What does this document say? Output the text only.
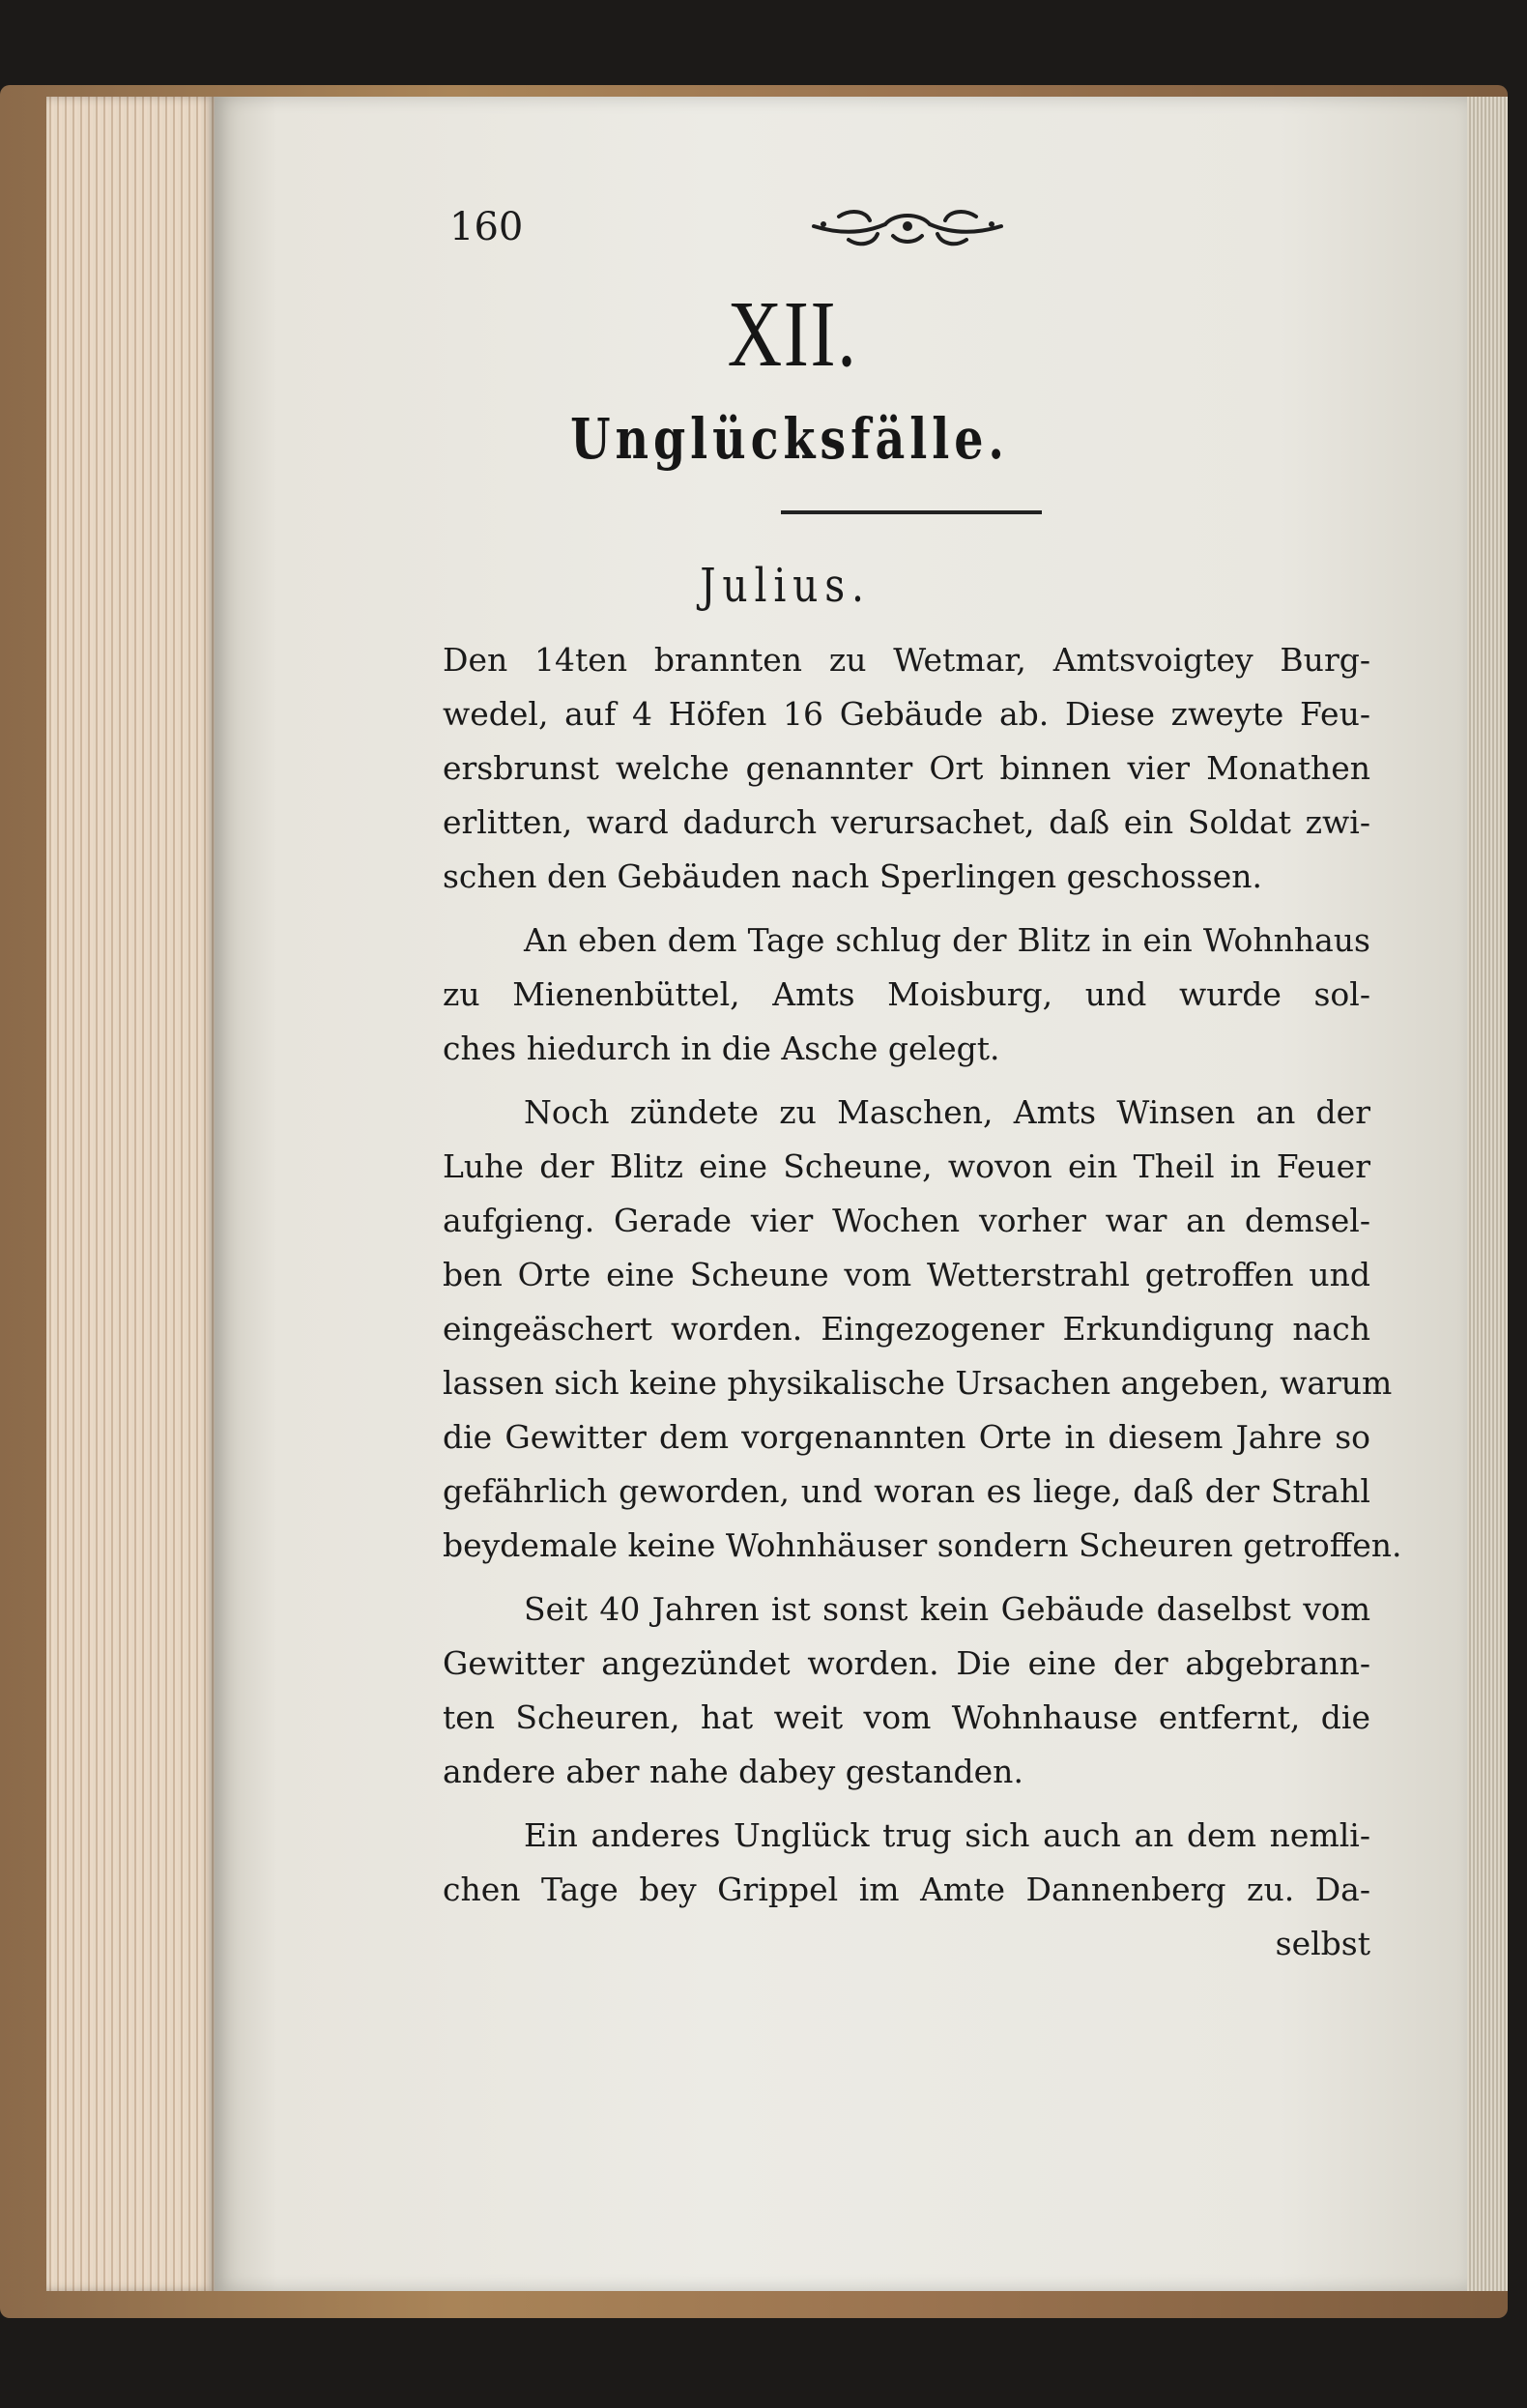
160
XII.
Unglücksfälle.
Julius.
Den 14ten brannten zu Wetmar, Amtsvoigtey Burg-
wedel, auf 4 Höfen 16 Gebäude ab. Diese zweyte Feu-
ersbrunst welche genannter Ort binnen vier Monathen
erlitten, ward dadurch verursachet, daß ein Soldat zwi-
schen den Gebäuden nach Sperlingen geschossen.
An eben dem Tage schlug der Blitz in ein Wohnhaus
zu Mienenbüttel, Amts Moisburg, und wurde sol-
ches hiedurch in die Asche gelegt.
Noch zündete zu Maschen, Amts Winsen an der
Luhe der Blitz eine Scheune, wovon ein Theil in Feuer
aufgieng. Gerade vier Wochen vorher war an demsel-
ben Orte eine Scheune vom Wetterstrahl getroffen und
eingeäschert worden. Eingezogener Erkundigung nach
lassen sich keine physikalische Ursachen angeben, warum
die Gewitter dem vorgenannten Orte in diesem Jahre so
gefährlich geworden, und woran es liege, daß der Strahl
beydemale keine Wohnhäuser sondern Scheuren getroffen.
Seit 40 Jahren ist sonst kein Gebäude daselbst vom
Gewitter angezündet worden. Die eine der abgebrann-
ten Scheuren, hat weit vom Wohnhause entfernt, die
andere aber nahe dabey gestanden.
Ein anderes Unglück trug sich auch an dem nemli-
chen Tage bey Grippel im Amte Dannenberg zu. Da-
selbst
